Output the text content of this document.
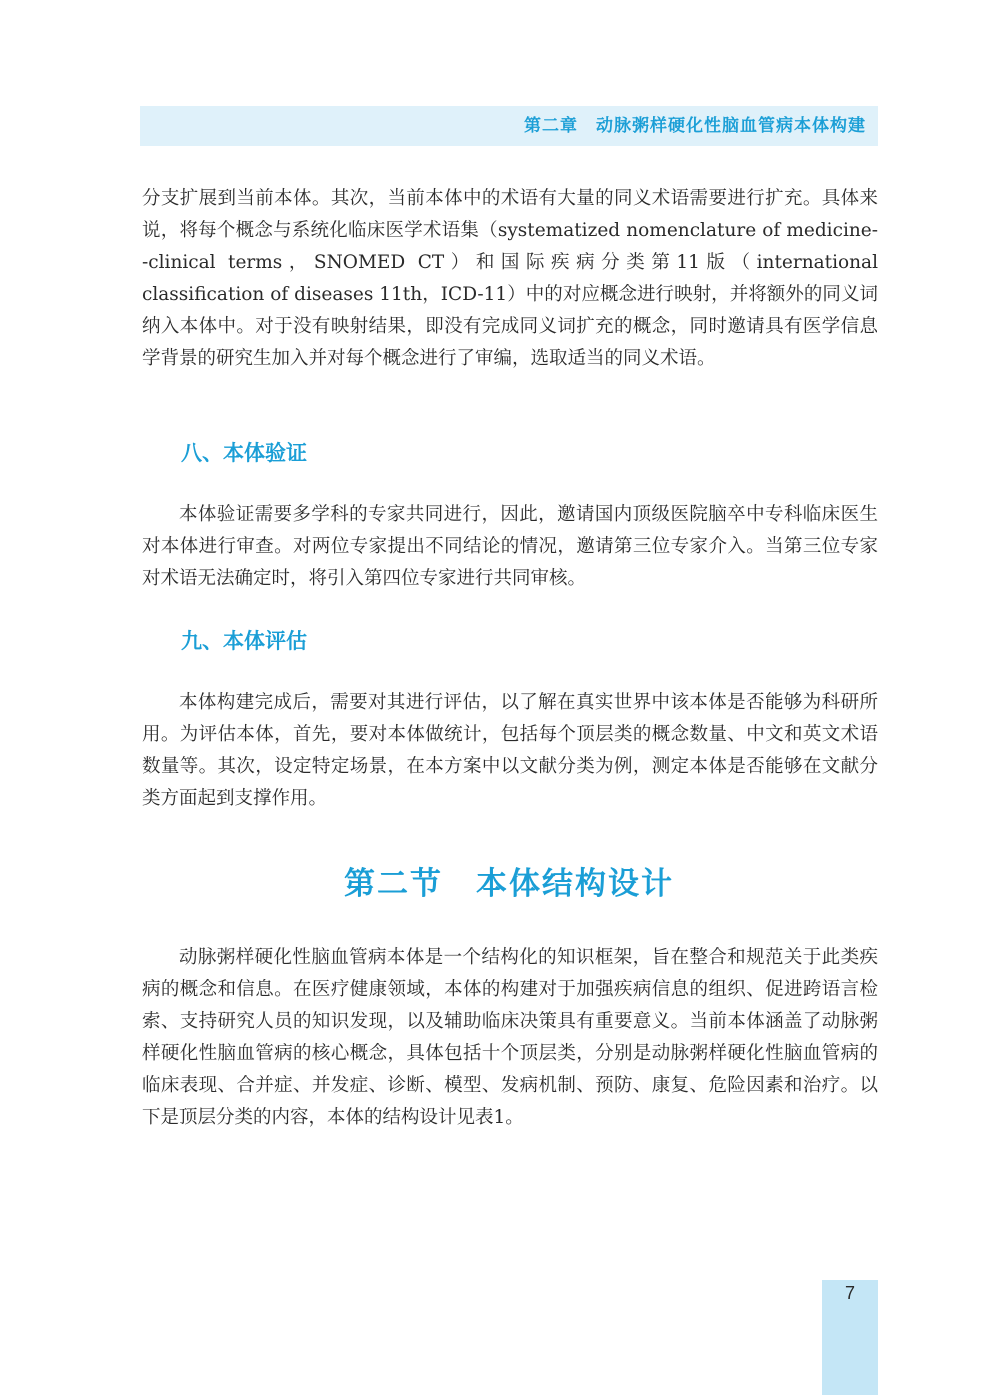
第二章　动脉粥样硬化性脑血管病本体构建

分支扩展到当前本体。其次，当前本体中的术语有大量的同义术语需要进行扩充。具体来说，将每个概念与系统化临床医学术语集（systematized nomenclature of medicine--clinical terms，SNOMED CT）和国际疾病分类第11版（international classification of diseases 11th，ICD-11）中的对应概念进行映射，并将额外的同义词纳入本体中。对于没有映射结果，即没有完成同义词扩充的概念，同时邀请具有医学信息学背景的研究生加入并对每个概念进行了审编，选取适当的同义术语。

八、本体验证

本体验证需要多学科的专家共同进行，因此，邀请国内顶级医院脑卒中专科临床医生对本体进行审查。对两位专家提出不同结论的情况，邀请第三位专家介入。当第三位专家对术语无法确定时，将引入第四位专家进行共同审核。

九、本体评估

本体构建完成后，需要对其进行评估，以了解在真实世界中该本体是否能够为科研所用。为评估本体，首先，要对本体做统计，包括每个顶层类的概念数量、中文和英文术语数量等。其次，设定特定场景，在本方案中以文献分类为例，测定本体是否能够在文献分类方面起到支撑作用。

第二节　本体结构设计

动脉粥样硬化性脑血管病本体是一个结构化的知识框架，旨在整合和规范关于此类疾病的概念和信息。在医疗健康领域，本体的构建对于加强疾病信息的组织、促进跨语言检索、支持研究人员的知识发现，以及辅助临床决策具有重要意义。当前本体涵盖了动脉粥样硬化性脑血管病的核心概念，具体包括十个顶层类，分别是动脉粥样硬化性脑血管病的临床表现、合并症、并发症、诊断、模型、发病机制、预防、康复、危险因素和治疗。以下是顶层分类的内容，本体的结构设计见表1。

7
